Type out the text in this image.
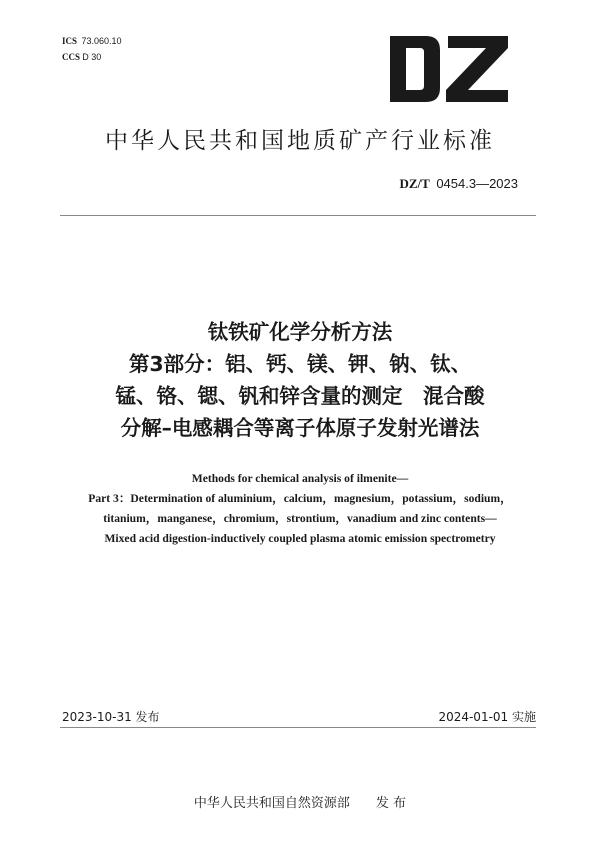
ICS 73.060.10
CCS D 30
中华人民共和国地质矿产行业标准
DZ/T 0454.3—2023
钛铁矿化学分析方法
第3部分：铝、钙、镁、钾、钠、钛、
锰、铬、锶、钒和锌含量的测定　混合酸
分解–电感耦合等离子体原子发射光谱法
Methods for chemical analysis of ilmenite—
Part 3：Determination of aluminium，calcium，magnesium，potassium，sodium，
titanium，manganese，chromium，strontium，vanadium and zinc contents—
Mixed acid digestion-inductively coupled plasma atomic emission spectrometry
2023-10-31 发布	2024-01-01 实施
中华人民共和国自然资源部　　发 布
